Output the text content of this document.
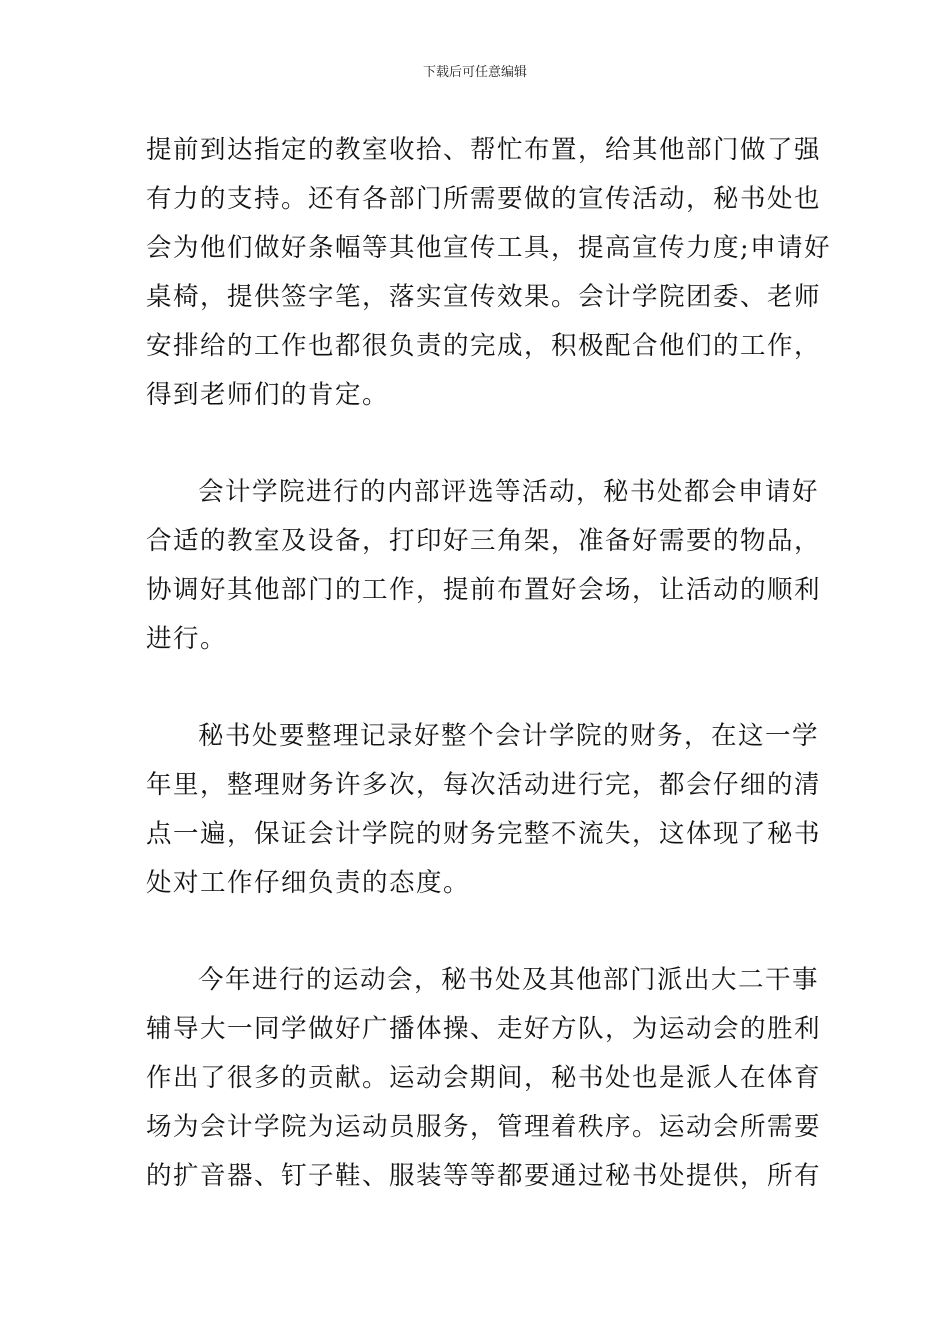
下载后可任意编辑

提前到达指定的教室收拾、帮忙布置，给其他部门做了强
有力的支持。还有各部门所需要做的宣传活动，秘书处也
会为他们做好条幅等其他宣传工具，提高宣传力度;申请好
桌椅，提供签字笔，落实宣传效果。会计学院团委、老师
安排给的工作也都很负责的完成，积极配合他们的工作，
得到老师们的肯定。

会计学院进行的内部评选等活动，秘书处都会申请好
合适的教室及设备，打印好三角架，准备好需要的物品，
协调好其他部门的工作，提前布置好会场，让活动的顺利
进行。

秘书处要整理记录好整个会计学院的财务，在这一学
年里，整理财务许多次，每次活动进行完，都会仔细的清
点一遍，保证会计学院的财务完整不流失，这体现了秘书
处对工作仔细负责的态度。

今年进行的运动会，秘书处及其他部门派出大二干事
辅导大一同学做好广播体操、走好方队，为运动会的胜利
作出了很多的贡献。运动会期间，秘书处也是派人在体育
场为会计学院为运动员服务，管理着秩序。运动会所需要
的扩音器、钉子鞋、服装等等都要通过秘书处提供，所有
